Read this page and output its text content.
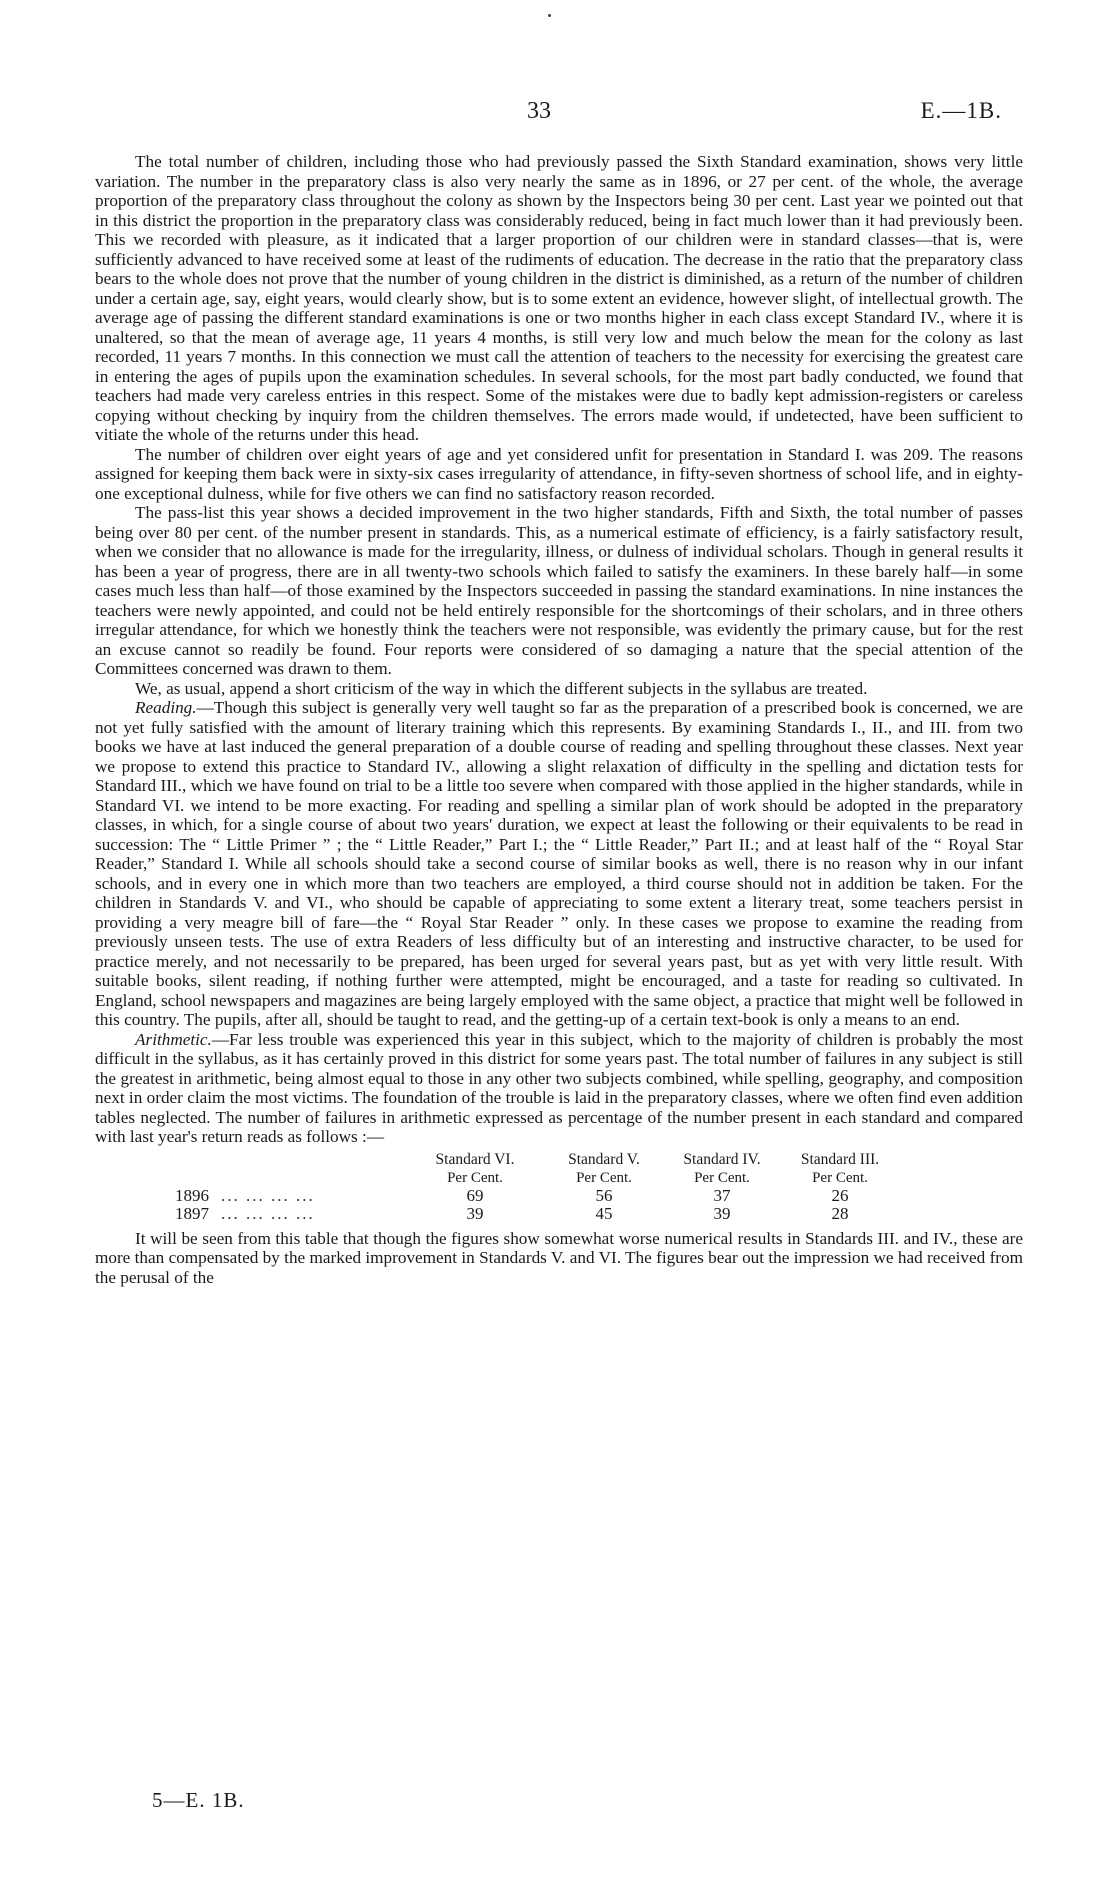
33	E.—1B.

The total number of children, including those who had previously passed the Sixth Standard examination, shows very little variation. The number in the preparatory class is also very nearly the same as in 1896, or 27 per cent. of the whole, the average proportion of the preparatory class throughout the colony as shown by the Inspectors being 30 per cent. Last year we pointed out that in this district the proportion in the preparatory class was considerably reduced, being in fact much lower than it had previously been. This we recorded with pleasure, as it indicated that a larger proportion of our children were in standard classes—that is, were sufficiently advanced to have received some at least of the rudiments of education. The decrease in the ratio that the preparatory class bears to the whole does not prove that the number of young children in the district is diminished, as a return of the number of children under a certain age, say, eight years, would clearly show, but is to some extent an evidence, however slight, of intellectual growth. The average age of passing the different standard examinations is one or two months higher in each class except Standard IV., where it is unaltered, so that the mean of average age, 11 years 4 months, is still very low and much below the mean for the colony as last recorded, 11 years 7 months. In this connection we must call the attention of teachers to the necessity for exercising the greatest care in entering the ages of pupils upon the examination schedules. In several schools, for the most part badly conducted, we found that teachers had made very careless entries in this respect. Some of the mistakes were due to badly kept admission-registers or careless copying without checking by inquiry from the children themselves. The errors made would, if undetected, have been sufficient to vitiate the whole of the returns under this head.

The number of children over eight years of age and yet considered unfit for presentation in Standard I. was 209. The reasons assigned for keeping them back were in sixty-six cases irregularity of attendance, in fifty-seven shortness of school life, and in eighty-one exceptional dulness, while for five others we can find no satisfactory reason recorded.

The pass-list this year shows a decided improvement in the two higher standards, Fifth and Sixth, the total number of passes being over 80 per cent. of the number present in standards. This, as a numerical estimate of efficiency, is a fairly satisfactory result, when we consider that no allowance is made for the irregularity, illness, or dulness of individual scholars. Though in general results it has been a year of progress, there are in all twenty-two schools which failed to satisfy the examiners. In these barely half—in some cases much less than half—of those examined by the Inspectors succeeded in passing the standard examinations. In nine instances the teachers were newly appointed, and could not be held entirely responsible for the shortcomings of their scholars, and in three others irregular attendance, for which we honestly think the teachers were not responsible, was evidently the primary cause, but for the rest an excuse cannot so readily be found. Four reports were considered of so damaging a nature that the special attention of the Committees concerned was drawn to them.

We, as usual, append a short criticism of the way in which the different subjects in the syllabus are treated.

Reading.—Though this subject is generally very well taught so far as the preparation of a prescribed book is concerned, we are not yet fully satisfied with the amount of literary training which this represents. By examining Standards I., II., and III. from two books we have at last induced the general preparation of a double course of reading and spelling throughout these classes. Next year we propose to extend this practice to Standard IV., allowing a slight relaxation of difficulty in the spelling and dictation tests for Standard III., which we have found on trial to be a little too severe when compared with those applied in the higher standards, while in Standard VI. we intend to be more exacting. For reading and spelling a similar plan of work should be adopted in the preparatory classes, in which, for a single course of about two years' duration, we expect at least the following or their equivalents to be read in succession: The “ Little Primer ” ; the “ Little Reader,” Part I.; the “ Little Reader,” Part II.; and at least half of the “ Royal Star Reader,” Standard I. While all schools should take a second course of similar books as well, there is no reason why in our infant schools, and in every one in which more than two teachers are employed, a third course should not in addition be taken. For the children in Standards V. and VI., who should be capable of appreciating to some extent a literary treat, some teachers persist in providing a very meagre bill of fare—the “ Royal Star Reader ” only. In these cases we propose to examine the reading from previously unseen tests. The use of extra Readers of less difficulty but of an interesting and instructive character, to be used for practice merely, and not necessarily to be prepared, has been urged for several years past, but as yet with very little result. With suitable books, silent reading, if nothing further were attempted, might be encouraged, and a taste for reading so cultivated. In England, school newspapers and magazines are being largely employed with the same object, a practice that might well be followed in this country. The pupils, after all, should be taught to read, and the getting-up of a certain text-book is only a means to an end.

Arithmetic.—Far less trouble was experienced this year in this subject, which to the majority of children is probably the most difficult in the syllabus, as it has certainly proved in this district for some years past. The total number of failures in any subject is still the greatest in arithmetic, being almost equal to those in any other two subjects combined, while spelling, geography, and composition next in order claim the most victims. The foundation of the trouble is laid in the preparatory classes, where we often find even addition tables neglected. The number of failures in arithmetic expressed as percentage of the number present in each standard and compared with last year's return reads as follows :—

Standard VI.	Standard V.	Standard IV.	Standard III.
Per Cent.	Per Cent.	Per Cent.	Per Cent.
1896 ... ... ... ...	69	56	37	26
1897 ... ... ... ...	39	45	39	28

It will be seen from this table that though the figures show somewhat worse numerical results in Standards III. and IV., these are more than compensated by the marked improvement in Standards V. and VI. The figures bear out the impression we had received from the perusal of the

5—E. 1B.
